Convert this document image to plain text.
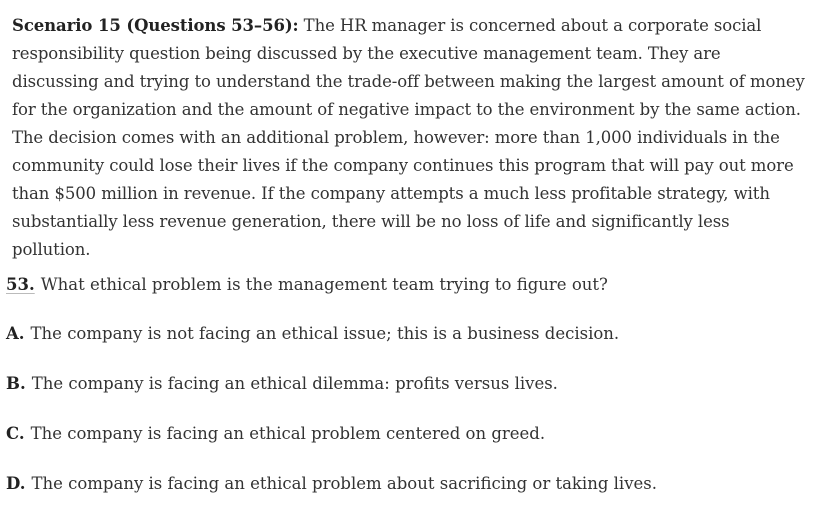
Scenario 15 (Questions 53–56): The HR manager is concerned about a corporate social responsibility question being discussed by the executive management team. They are discussing and trying to understand the trade-off between making the largest amount of money for the organization and the amount of negative impact to the environment by the same action. The decision comes with an additional problem, however: more than 1,000 individuals in the community could lose their lives if the company continues this program that will pay out more than $500 million in revenue. If the company attempts a much less profitable strategy, with substantially less revenue generation, there will be no loss of life and significantly less pollution.
53. What ethical problem is the management team trying to figure out?
A. The company is not facing an ethical issue; this is a business decision.
B. The company is facing an ethical dilemma: profits versus lives.
C. The company is facing an ethical problem centered on greed.
D. The company is facing an ethical problem about sacrificing or taking lives.
